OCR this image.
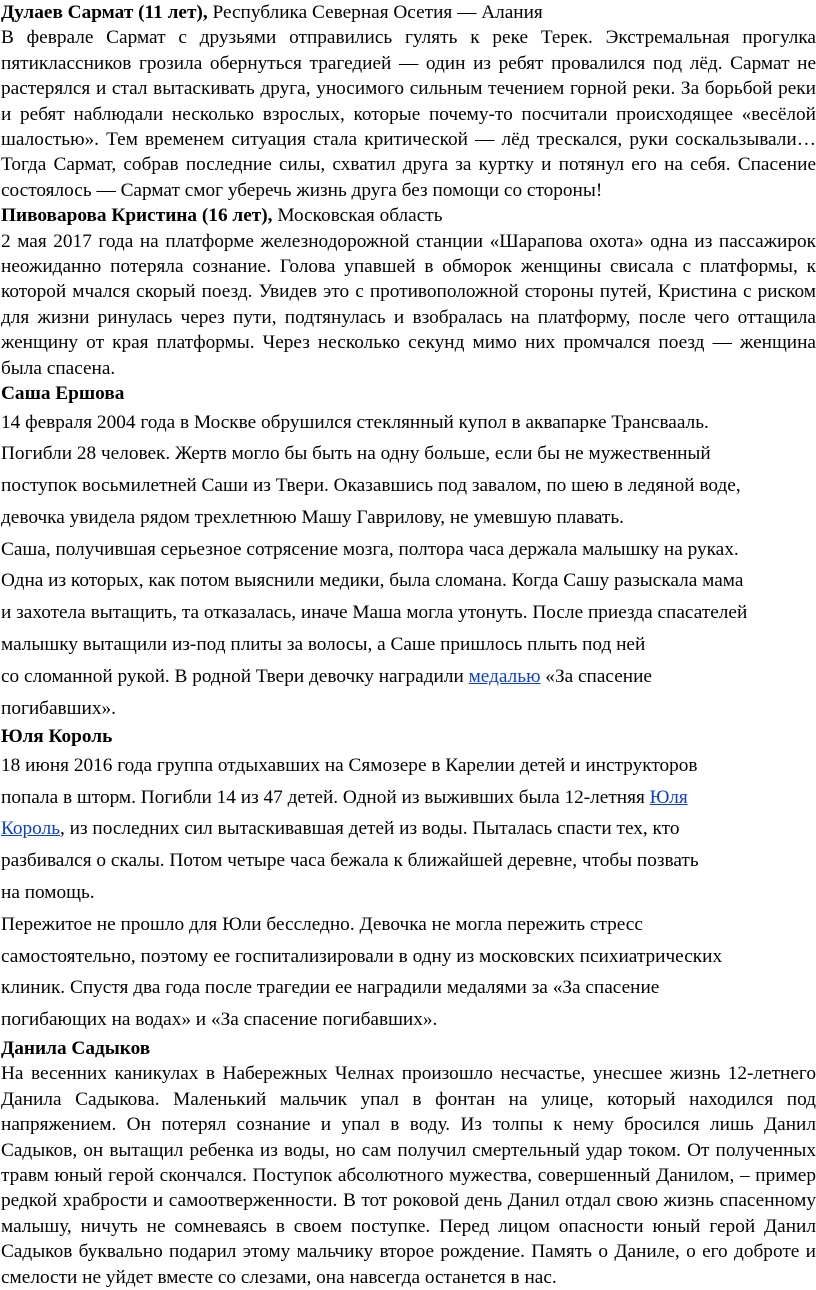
Дулаев Сармат (11 лет), Республика Северная Осетия — Алания

В феврале Сармат с друзьями отправились гулять к реке Терек. Экстремальная прогулка пятиклассников грозила обернуться трагедией — один из ребят провалился под лёд. Сармат не растерялся и стал вытаскивать друга, уносимого сильным течением горной реки. За борьбой реки и ребят наблюдали несколько взрослых, которые почему-то посчитали происходящее «весёлой шалостью». Тем временем ситуация стала критической — лёд трескался, руки соскальзывали… Тогда Сармат, собрав последние силы, схватил друга за куртку и потянул его на себя. Спасение состоялось — Сармат смог уберечь жизнь друга без помощи со стороны!

Пивоварова Кристина (16 лет), Московская область

2 мая 2017 года на платформе железнодорожной станции «Шарапова охота» одна из пассажирок неожиданно потеряла сознание. Голова упавшей в обморок женщины свисала с платформы, к которой мчался скорый поезд. Увидев это с противоположной стороны путей, Кристина с риском для жизни ринулась через пути, подтянулась и взобралась на платформу, после чего оттащила женщину от края платформы. Через несколько секунд мимо них промчался поезд — женщина была спасена.

Саша Ершова

14 февраля 2004 года в Москве обрушился стеклянный купол в аквапарке Трансвааль.
Погибли 28 человек. Жертв могло бы быть на одну больше, если бы не мужественный
поступок восьмилетней Саши из Твери. Оказавшись под завалом, по шею в ледяной воде,
девочка увидела рядом трехлетнюю Машу Гаврилову, не умевшую плавать.

Саша, получившая серьезное сотрясение мозга, полтора часа держала малышку на руках.
Одна из которых, как потом выяснили медики, была сломана. Когда Сашу разыскала мама
и захотела вытащить, та отказалась, иначе Маша могла утонуть. После приезда спасателей
малышку вытащили из-под плиты за волосы, а Саше пришлось плыть под ней
со сломанной рукой. В родной Твери девочку наградили медалью «За спасение
погибавших».

Юля Король

18 июня 2016 года группа отдыхавших на Сямозере в Карелии детей и инструкторов
попала в шторм. Погибли 14 из 47 детей. Одной из выживших была 12-летняя Юля
Король, из последних сил вытаскивавшая детей из воды. Пыталась спасти тех, кто
разбивался о скалы. Потом четыре часа бежала к ближайшей деревне, чтобы позвать
на помощь.

Пережитое не прошло для Юли бесследно. Девочка не могла пережить стресс
самостоятельно, поэтому ее госпитализировали в одну из московских психиатрических
клиник. Спустя два года после трагедии ее наградили медалями за «За спасение
погибающих на водах» и «За спасение погибавших».

Данила Садыков

На весенних каникулах в Набережных Челнах произошло несчастье, унесшее жизнь 12-летнего Данила Садыкова. Маленький мальчик упал в фонтан на улице, который находился под напряжением. Он потерял сознание и упал в воду. Из толпы к нему бросился лишь Данил Садыков, он вытащил ребенка из воды, но сам получил смертельный удар током. От полученных травм юный герой скончался. Поступок абсолютного мужества, совершенный Данилом, – пример редкой храбрости и самоотверженности. В тот роковой день Данил отдал свою жизнь спасенному малышу, ничуть не сомневаясь в своем поступке. Перед лицом опасности юный герой Данил Садыков буквально подарил этому мальчику второе рождение. Память о Даниле, о его доброте и смелости не уйдет вместе со слезами, она навсегда останется в нас.
